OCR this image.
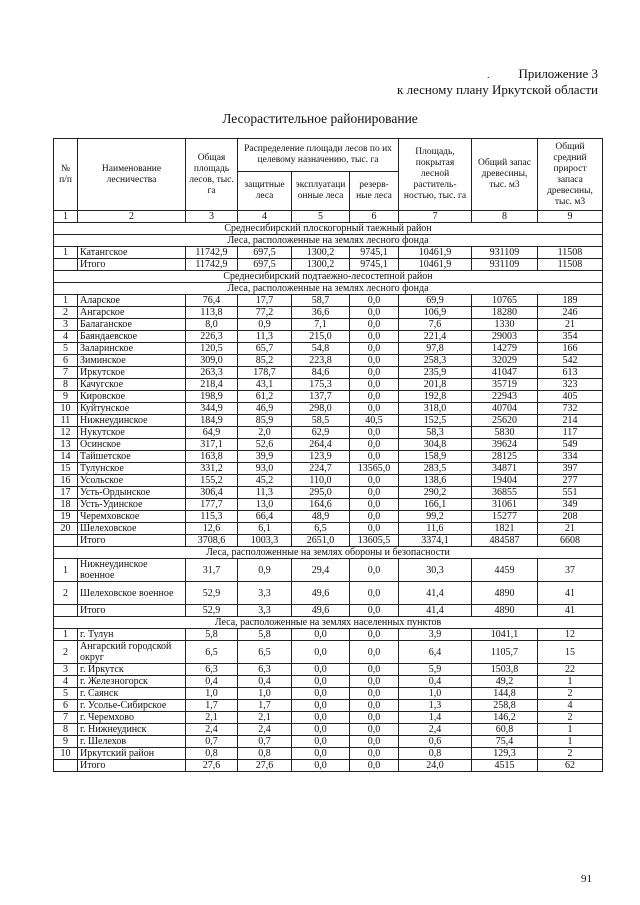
.	Приложение 3
к лесному плану Иркутской области
Лесорастительное районирование
№ п/п	Наименование лесничества	Общая площадь лесов, тыс. га	Распределение площади лесов по их целевому назначению, тыс. га			Площадь, покрытая лесной раститель-ностью, тыс. га	Общий запас древесины, тыс. м3	Общий средний прирост запаса древесины, тыс. м3
			защитные леса	эксплуатаци онные леса	резерв-ные леса			
1	2	3	4	5	6	7	8	9
Среднесибирский плоскогорный таежный район								
Леса, расположенные на землях лесного фонда								
1	Катангское	11742,9	697,5	1300,2	9745,1	10461,9	931109	11508
	Итого	11742,9	697,5	1300,2	9745,1	10461,9	931109	11508
Среднесибирский подтаежно-лесостепной район								
Леса, расположенные на землях лесного фонда								
1	Аларское	76,4	17,7	58,7	0,0	69,9	10765	189
2	Ангарское	113,8	77,2	36,6	0,0	106,9	18280	246
3	Балаганское	8,0	0,9	7,1	0,0	7,6	1330	21
4	Баяндаевское	226,3	11,3	215,0	0,0	221,4	29003	354
5	Заларинское	120,5	65,7	54,8	0,0	97,8	14279	166
6	Зиминское	309,0	85,2	223,8	0,0	258,3	32029	542
7	Иркутское	263,3	178,7	84,6	0,0	235,9	41047	613
8	Качугское	218,4	43,1	175,3	0,0	201,8	35719	323
9	Кировское	198,9	61,2	137,7	0,0	192,8	22943	405
10	Куйтунское	344,9	46,9	298,0	0,0	318,0	40704	732
11	Нижнеудинское	184,9	85,9	58,5	40,5	152,5	25620	214
12	Нукутское	64,9	2,0	62,9	0,0	58,3	5830	117
13	Осинское	317,1	52,6	264,4	0,0	304,8	39624	549
14	Тайшетское	163,8	39,9	123,9	0,0	158,9	28125	334
15	Тулунское	331,2	93,0	224,7	13565,0	283,5	34871	397
16	Усольское	155,2	45,2	110,0	0,0	138,6	19404	277
17	Усть-Ордынское	306,4	11,3	295,0	0,0	290,2	36855	551
18	Усть-Удинское	177,7	13,0	164,6	0,0	166,1	31061	349
19	Черемховское	115,3	66,4	48,9	0,0	99,2	15277	208
20	Шелеховское	12,6	6,1	6,5	0,0	11,6	1821	21
	Итого	3708,6	1003,3	2651,0	13605,5	3374,1	484587	6608
Леса, расположенные на землях обороны и безопасности								
1	Нижнеудинское военное	31,7	0,9	29,4	0,0	30,3	4459	37
2	Шелеховское военное	52,9	3,3	49,6	0,0	41,4	4890	41
	Итого	52,9	3,3	49,6	0,0	41,4	4890	41
Леса, расположенные на землях населенных пунктов								
1	г. Тулун	5,8	5,8	0,0	0,0	3,9	1041,1	12
2	Ангарский городской округ	6,5	6,5	0,0	0,0	6,4	1105,7	15
3	г. Иркутск	6,3	6,3	0,0	0,0	5,9	1503,8	22
4	г. Железногорск	0,4	0,4	0,0	0,0	0,4	49,2	1
5	г. Саянск	1,0	1,0	0,0	0,0	1,0	144,8	2
6	г. Усолье-Сибирское	1,7	1,7	0,0	0,0	1,3	258,8	4
7	г. Черемхово	2,1	2,1	0,0	0,0	1,4	146,2	2
8	г. Нижнеудинск	2,4	2,4	0,0	0,0	2,4	60,8	1
9	г. Шелехов	0,7	0,7	0,0	0,0	0,6	75,4	1
10	Иркутский район	0,8	0,8	0,0	0,0	0,8	129,3	2
	Итого	27,6	27,6	0,0	0,0	24,0	4515	62
91
